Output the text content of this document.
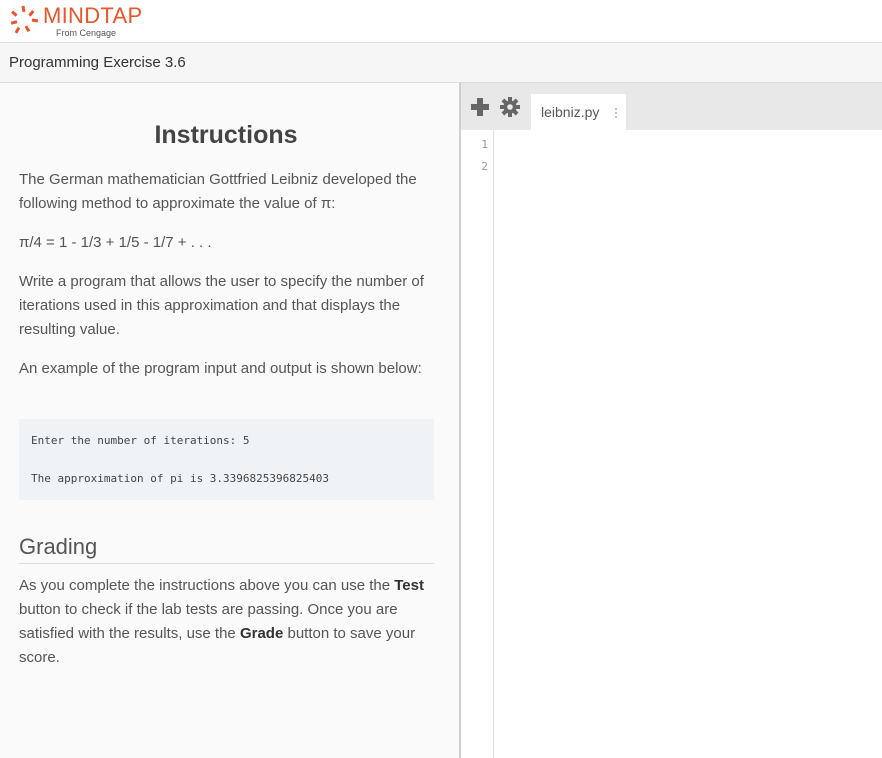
MINDTAP
From Cengage
Programming Exercise 3.6
Instructions
The German mathematician Gottfried Leibniz developed the following method to approximate the value of π:
π/4 = 1 - 1/3 + 1/5 - 1/7 + . . .
Write a program that allows the user to specify the number of iterations used in this approximation and that displays the resulting value.
An example of the program input and output is shown below:
Enter the number of iterations: 5
The approximation of pi is 3.3396825396825403
Grading
As you complete the instructions above you can use the Test button to check if the lab tests are passing. Once you are satisfied with the results, use the Grade button to save your score.
leibniz.py
1
2
